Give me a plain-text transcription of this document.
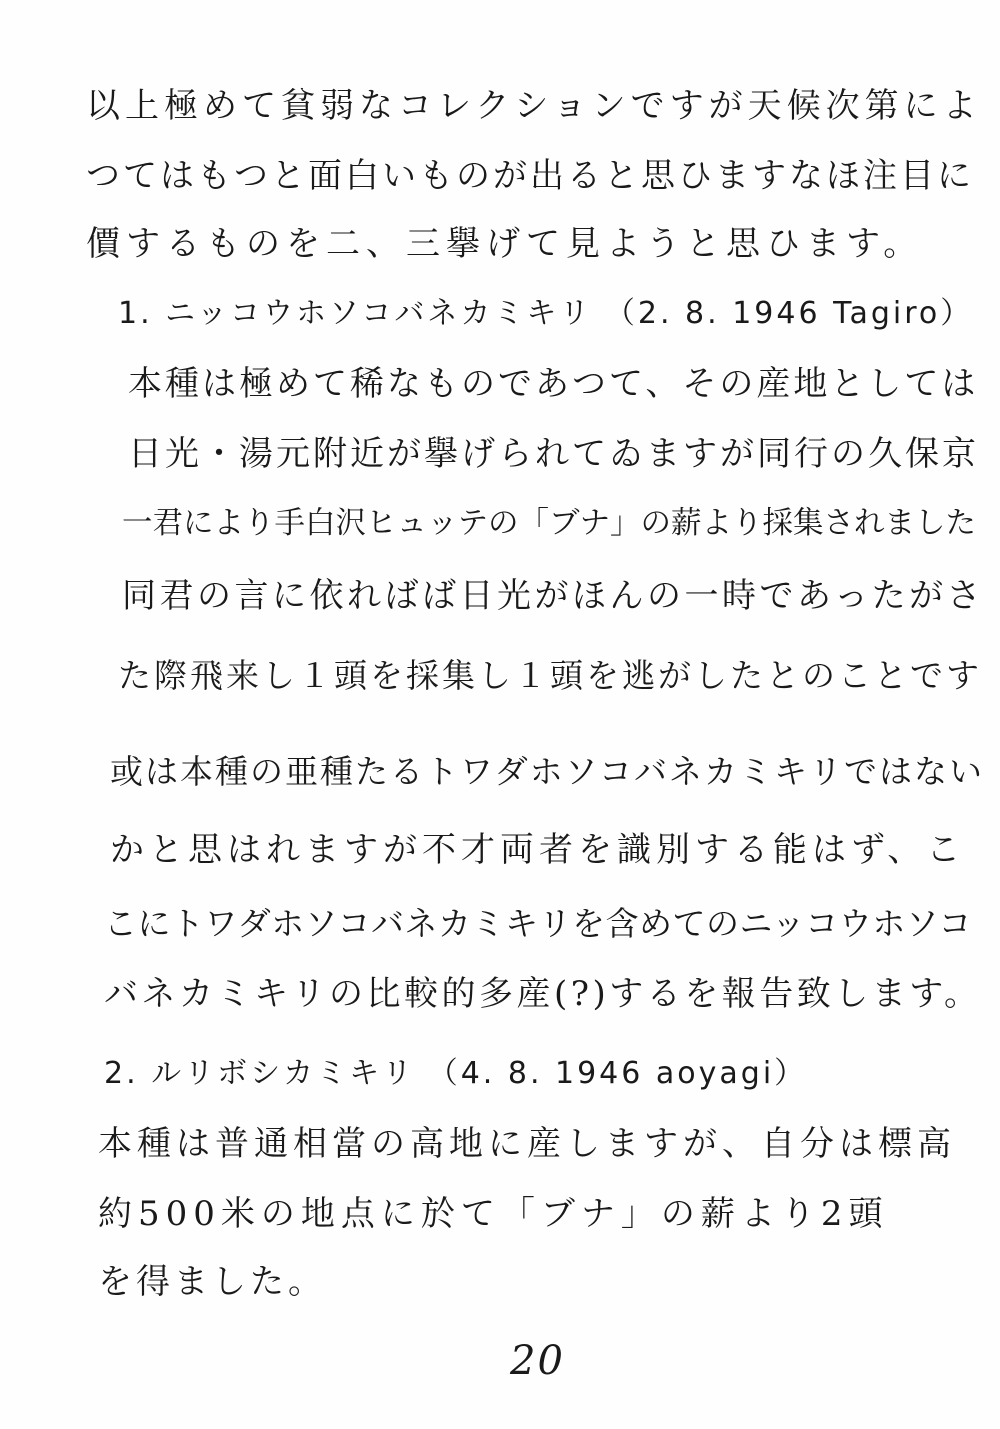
以上極めて貧弱なコレクションですが天候次第によ
つてはもつと面白いものが出ると思ひますなほ注目に
價するものを二、三擧げて見ようと思ひます。
1. ニッコウホソコバネカミキリ （2. 8. 1946 Tagiro）
本種は極めて稀なものであつて、その産地としては
日光・湯元附近が擧げられてゐますが同行の久保京
一君により手白沢ヒュッテの「ブナ」の薪より採集されました
同君の言に依ればば日光がほんの一時であったがさ
た際飛来し１頭を採集し１頭を逃がしたとのことです
或は本種の亜種たるトワダホソコバネカミキリではない
かと思はれますが不才両者を識別する能はず、こ
こにトワダホソコバネカミキリを含めてのニッコウホソコ
バネカミキリの比較的多産(?)するを報告致します。
2. ルリボシカミキリ （4. 8. 1946 aoyagi）
本種は普通相當の高地に産しますが、自分は標高
約500米の地点に於て「ブナ」の薪より2頭
を得ました。
20
